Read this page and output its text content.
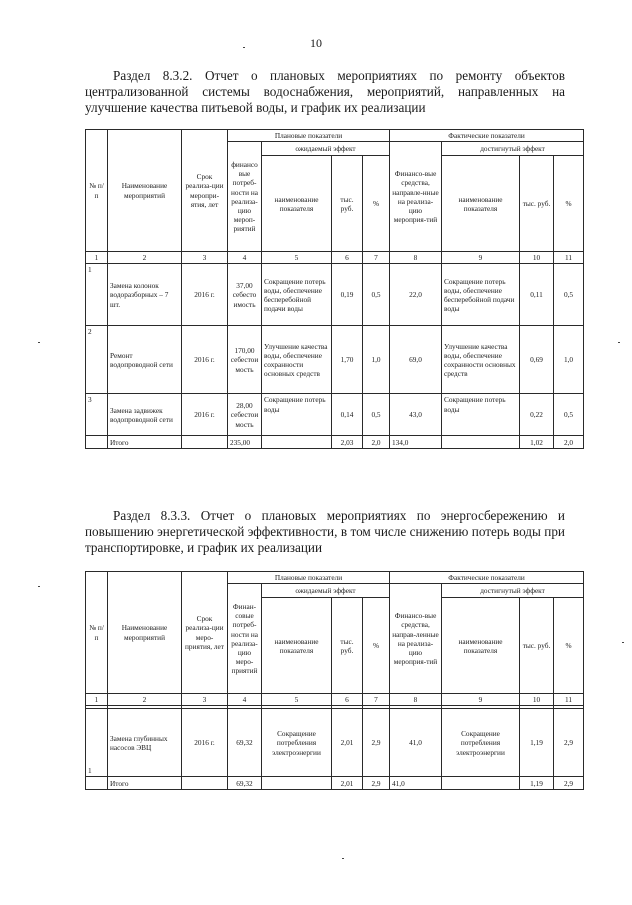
10
Раздел 8.3.2. Отчет о плановых мероприятиях по ремонту объектов централизованной системы водоснабжения, мероприятий, направленных на улучшение качества питьевой воды, и график их реализации
№ п/ п	Наименование мероприятий	Срок реализа-ции меропри-ятия, лет	Плановые показатели				Фактические показатели			
			финансо вые потреб-ности на реализа-цию мероп-риятий	ожидаемый эффект			Финансо-вые средства, направле-нные на реализа-цию мероприя-тий	достигнутый эффект		
				наименование показателя	тыс. руб.	%		наименование показателя	тыс. руб.	%
1	2	3	4	5	6	7	8	9	10	11
1	Замена колонок водоразборных – 7 шт.	2016 г.	37,00 себесто имость	Сокращение потерь воды, обеспечение бесперебойной подачи воды	0,19	0,5	22,0	Сокращение потерь воды, обеспечение бесперебойной подачи воды	0,11	0,5
2	Ремонт водопроводной сети	2016 г.	170,00 себестои мость	Улучшение качества воды, обеспечение сохранности основных средств	1,70	1,0	69,0	Улучшение качества воды, обеспечение сохранности основных средств	0,69	1,0
3	Замена задвижек водопроводной сети	2016 г.	28,00 себестои мость	Сокращение потерь воды	0,14	0,5	43,0	Сокращение потерь воды	0,22	0,5
	Итого		235,00		2,03	2,0	134,0		1,02	2,0
Раздел 8.3.3. Отчет о плановых мероприятиях по энергосбережению и повышению энергетической эффективности, в том числе снижению потерь воды при транспортировке, и график их реализации
№ п/ п	Наименование мероприятий	Срок реализа-ции меро-приятия, лет	Плановые показатели				Фактические показатели			
			Финан-совые потреб-ности на реализа-цию меро-приятий	ожидаемый эффект			Финансо-вые средства, направ-ленные на реализа-цию мероприя-тий	достигнутый эффект		
				наименование показателя	тыс. руб.	%		наименование показателя	тыс. руб.	%
1	2	3	4	5	6	7	8	9	10	11

1	Замена глубинных насосов ЭВЦ	2016 г.	69,32	Сокращение потребления электроэнергии	2,01	2,9	41,0	Сокращение потребления электроэнергии	1,19	2,9
	Итого		69,32		2,01	2,9	41,0		1,19	2,9
